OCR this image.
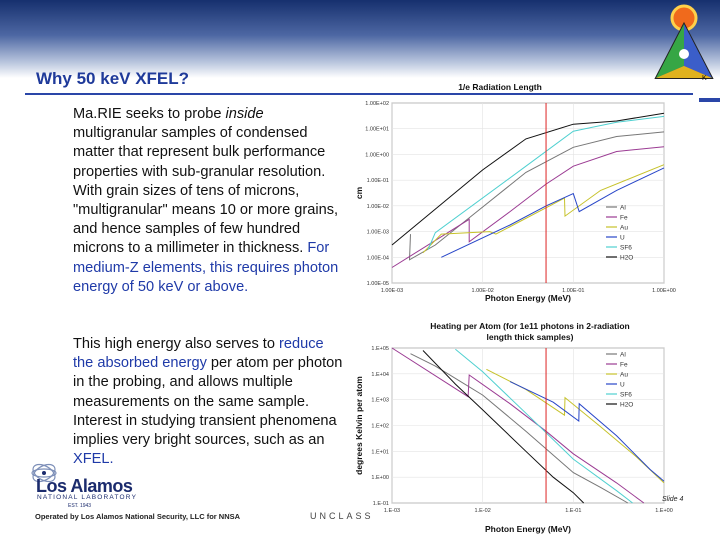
K
Why 50 keV XFEL?
Ma.RIE seeks to probe inside multigranular samples of condensed matter that represent bulk performance properties with sub-granular resolution. With grain sizes of tens of microns, "multigranular" means 10 or more grains, and hence samples of few hundred microns to a millimeter in thickness. For medium-Z elements, this requires photon energy of 50 keV or above.
This high energy also serves to reduce the absorbed energy per atom per photon in the probing, and allows multiple measurements on the same sample. Interest in studying transient phenomena implies very bright sources, such as an XFEL.
1/e Radiation Length
1.00E+02
1.00E+01
1.00E+00
1.00E-01
1.00E-02
1.00E-03
1.00E-04
1.00E-05
1.00E-03	1.00E-02	1.00E-01	1.00E+00
Photon Energy (MeV)
cm
Al
Fe
Au
U
SF6
H2O
Heating per Atom (for 1e11 photons in 2-radiation length thick samples)
1.E+05
1.E+04
1.E+03
1.E+02
1.E+01
1.E+00
1.E-01
1.E-03	1.E-02	1.E-01	1.E+00
Photon Energy (MeV)
degrees Kelvin per atom
Al
Fe
Au
U
SF6
H2O
Los Alamos
NATIONAL LABORATORY
EST. 1943
Operated by Los Alamos National Security, LLC for NNSA	UNCLASS
Slide 4
